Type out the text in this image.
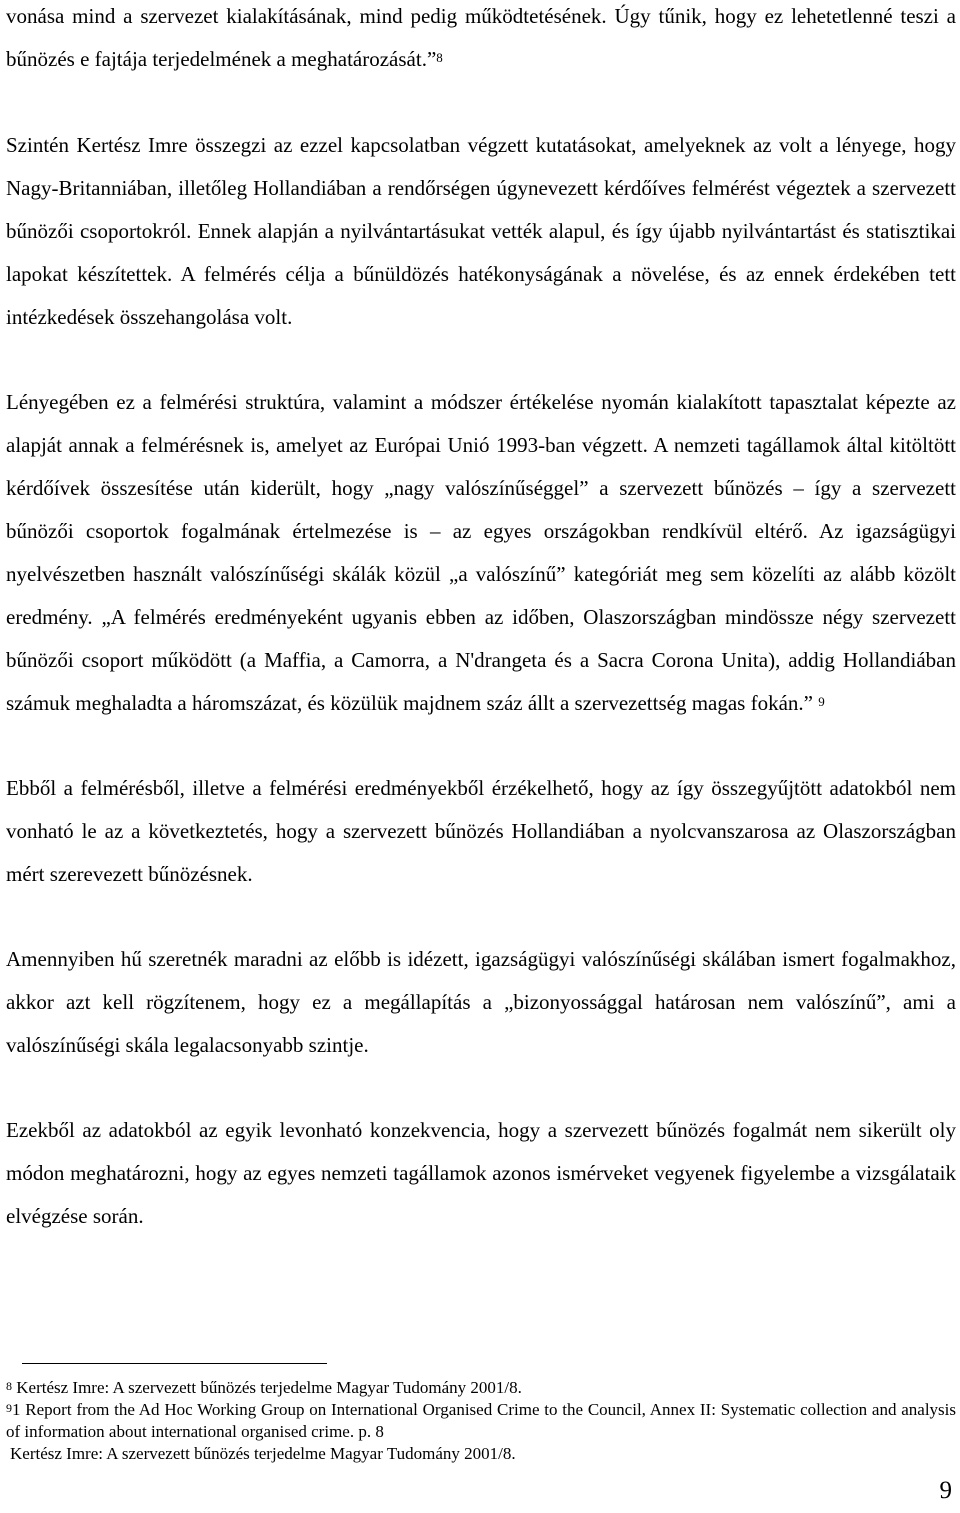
vonása mind a szervezet kialakításának, mind pedig működtetésének. Úgy tűnik, hogy ez lehetetlenné teszi a bűnözés e fajtája terjedelmének a meghatározását.”$^8$

Szintén Kertész Imre összegzi az ezzel kapcsolatban végzett kutatásokat, amelyeknek az volt a lényege, hogy Nagy-Britanniában, illetőleg Hollandiában a rendőrségen úgynevezett kérdőíves felmérést végeztek a szervezett bűnözői csoportokról. Ennek alapján a nyilvántartásukat vették alapul, és így újabb nyilvántartást és statisztikai lapokat készítettek. A felmérés célja a bűnüldözés hatékonyságának a növelése, és az ennek érdekében tett intézkedések összehangolása volt.

Lényegében ez a felmérési struktúra, valamint a módszer értékelése nyomán kialakított tapasztalat képezte az alapját annak a felmérésnek is, amelyet az Európai Unió 1993-ban végzett. A nemzeti tagállamok által kitöltött kérdőívek összesítése után kiderült, hogy „nagy valószínűséggel” a szervezett bűnözés – így a szervezett bűnözői csoportok fogalmának értelmezése is – az egyes országokban rendkívül eltérő. Az igazságügyi nyelvészetben használt valószínűségi skálák közül „a valószínű” kategóriát meg sem közelíti az alább közölt eredmény. „A felmérés eredményeként ugyanis ebben az időben, Olaszországban mindössze négy szervezett bűnözői csoport működött (a Maffia, a Camorra, a N'drangeta és a Sacra Corona Unita), addig Hollandiában számuk meghaladta a háromszázat, és közülük majdnem száz állt a szervezettség magas fokán.” $^9$

Ebből a felmérésből, illetve a felmérési eredményekből érzékelhető, hogy az így összegyűjtött adatokból nem vonható le az a következtetés, hogy a szervezett bűnözés Hollandiában a nyolcvanszarosa az Olaszországban mért szerevezett bűnözésnek.

Amennyiben hű szeretnék maradni az előbb is idézett, igazságügyi valószínűségi skálában ismert fogalmakhoz, akkor azt kell rögzítenem, hogy ez a megállapítás a „bizonyossággal határosan nem valószínű”, ami a valószínűségi skála legalacsonyabb szintje.

Ezekből az adatokból az egyik levonható konzekvencia, hogy a szervezett bűnözés fogalmát nem sikerült oly módon meghatározni, hogy az egyes nemzeti tagállamok azonos ismérveket vegyenek figyelembe a vizsgálataik elvégzése során.

$^8$ Kertész Imre: A szervezett bűnözés terjedelme Magyar Tudomány 2001/8.

$^9$1 Report from the Ad Hoc Working Group on International Organised Crime to the Council, Annex II: Systematic collection and analysis of information about international organised crime. p. 8

Kertész Imre: A szervezett bűnözés terjedelme Magyar Tudomány 2001/8.

9
